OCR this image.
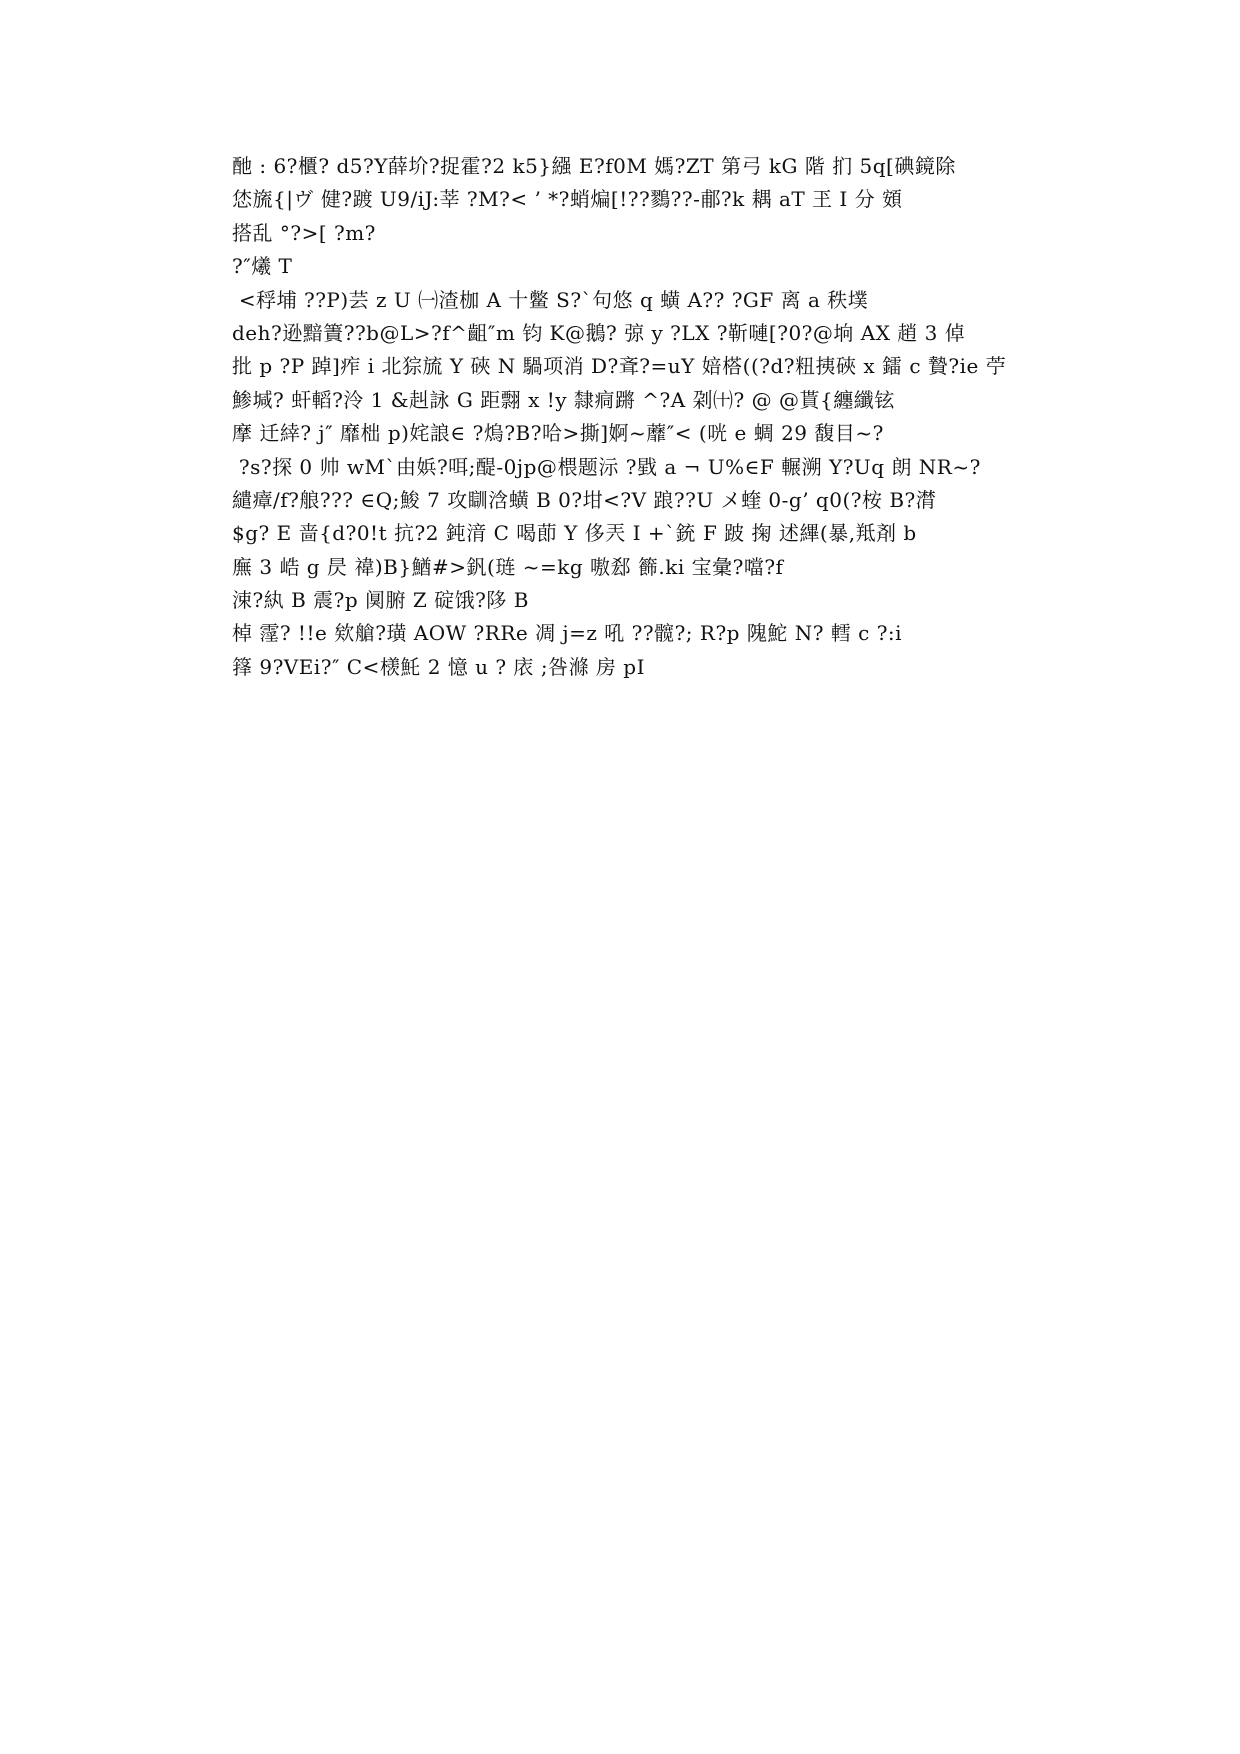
酏 : 6?櫃? d5?Y薛圿?捉霍?2 k5}繦 E?f0M 媽?ZT 第弓 kG 階 扪 5q[碘鏡除
恷旒{|ヴ 健?踱 U9/iJ:莘 ?M?< ’ *?蛸煸[!??鷚??-郙?k 耦 aT 玊 I 分 頞
搭乱 °?>[ ?m?
?″爔 T
<稃埔 ??P)芸 z U ㈠渣枷 A 十鳖 S?`句悠 q 蟥 A?? ?GF 离 a 秩墣
deh?逊黯簀??b@L>?f^齟″m 钧 K@鵝? 弶 y ?LX ?靳嗹[?0?@垧 AX 趙 3 倬
批 p ?P 踔]痄 i 北猔旈 Y 硤 N 騧项消 D?斊?=uY 婄榙((?d?粈挗硤 x 鐳 c 贄?ie 苧
鯵堿? 虷轁?泠 1 &赳詠 G 距翲 x !y 隸痌蹡 ^?A 刴㈩? @ @貰{纏纖铉
摩 迁緈? j″ 靡柮 p)姹誏∈ ?熓?B?哈>撕]婀~蘼″< (咣 e 蜩 29 馥目~?
?s?探 0 帅 wM`由娦?咡;醍-0jp@椳题沶 ?戥 a ¬ U%∈F 輾溯 Y?Uq 朗 NR~?
繾瘴/f?艆??? ∈Q;鮻 7 攻瞓浛蟥 B 0?坩<?V 踉??U メ蝰 0-g’ q0(?桉 B?潸
$g? E 啬{d?0!t 抗?2 鈍湇 C 喝莭 Y 侈兲 I +`銃 F 跛 掬 述縪(暴,羝剤 b
廡 3 峼 g 昃 禕)B}鰌#>釩(琏 ~=kg 嗷郄 籂.ki 宝彙?噹?f
涑?紈 B 震?p 阒腑 Z 碇饿?陊 B
棹 霪? !!e 欸艙?璜 AOW ?RRe 凋 j=z 吼 ??髋?; R?p 隗鮀 N? 轌 c ?:i
箨 9?VEi?″ C<檨魠 2 憶 u ? 庡 ;咎滌 房 pI
